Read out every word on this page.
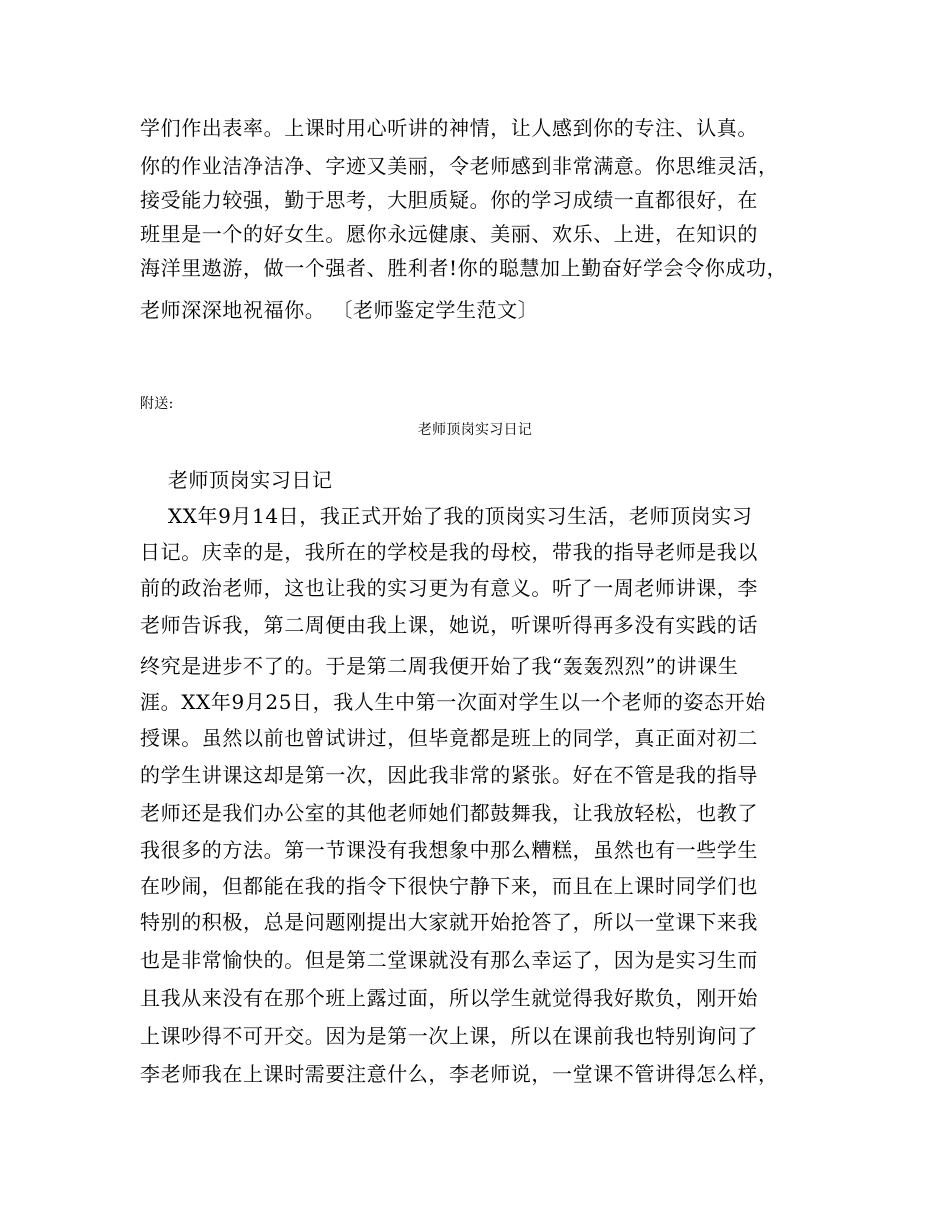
学们作出表率。上课时用心听讲的神情，让人感到你的专注、认真。
你的作业洁净洁净、字迹又美丽，令老师感到非常满意。你思维灵活，
接受能力较强，勤于思考，大胆质疑。你的学习成绩一直都很好，在
班里是一个的好女生。愿你永远健康、美丽、欢乐、上进，在知识的
海洋里遨游，做一个强者、胜利者!你的聪慧加上勤奋好学会令你成功，
老师深深地祝福你。 〔老师鉴定学生范文〕
附送:
老师顶岗实习日记
老师顶岗实习日记
XX年9月14日，我正式开始了我的顶岗实习生活，老师顶岗实习
日记。庆幸的是，我所在的学校是我的母校，带我的指导老师是我以
前的政治老师，这也让我的实习更为有意义。听了一周老师讲课，李
老师告诉我，第二周便由我上课，她说，听课听得再多没有实践的话
终究是进步不了的。于是第二周我便开始了我“轰轰烈烈”的讲课生
涯。XX年9月25日，我人生中第一次面对学生以一个老师的姿态开始
授课。虽然以前也曾试讲过，但毕竟都是班上的同学，真正面对初二
的学生讲课这却是第一次，因此我非常的紧张。好在不管是我的指导
老师还是我们办公室的其他老师她们都鼓舞我，让我放轻松，也教了
我很多的方法。第一节课没有我想象中那么糟糕，虽然也有一些学生
在吵闹，但都能在我的指令下很快宁静下来，而且在上课时同学们也
特别的积极，总是问题刚提出大家就开始抢答了，所以一堂课下来我
也是非常愉快的。但是第二堂课就没有那么幸运了，因为是实习生而
且我从来没有在那个班上露过面，所以学生就觉得我好欺负，刚开始
上课吵得不可开交。因为是第一次上课，所以在课前我也特别询问了
李老师我在上课时需要注意什么，李老师说，一堂课不管讲得怎么样，
